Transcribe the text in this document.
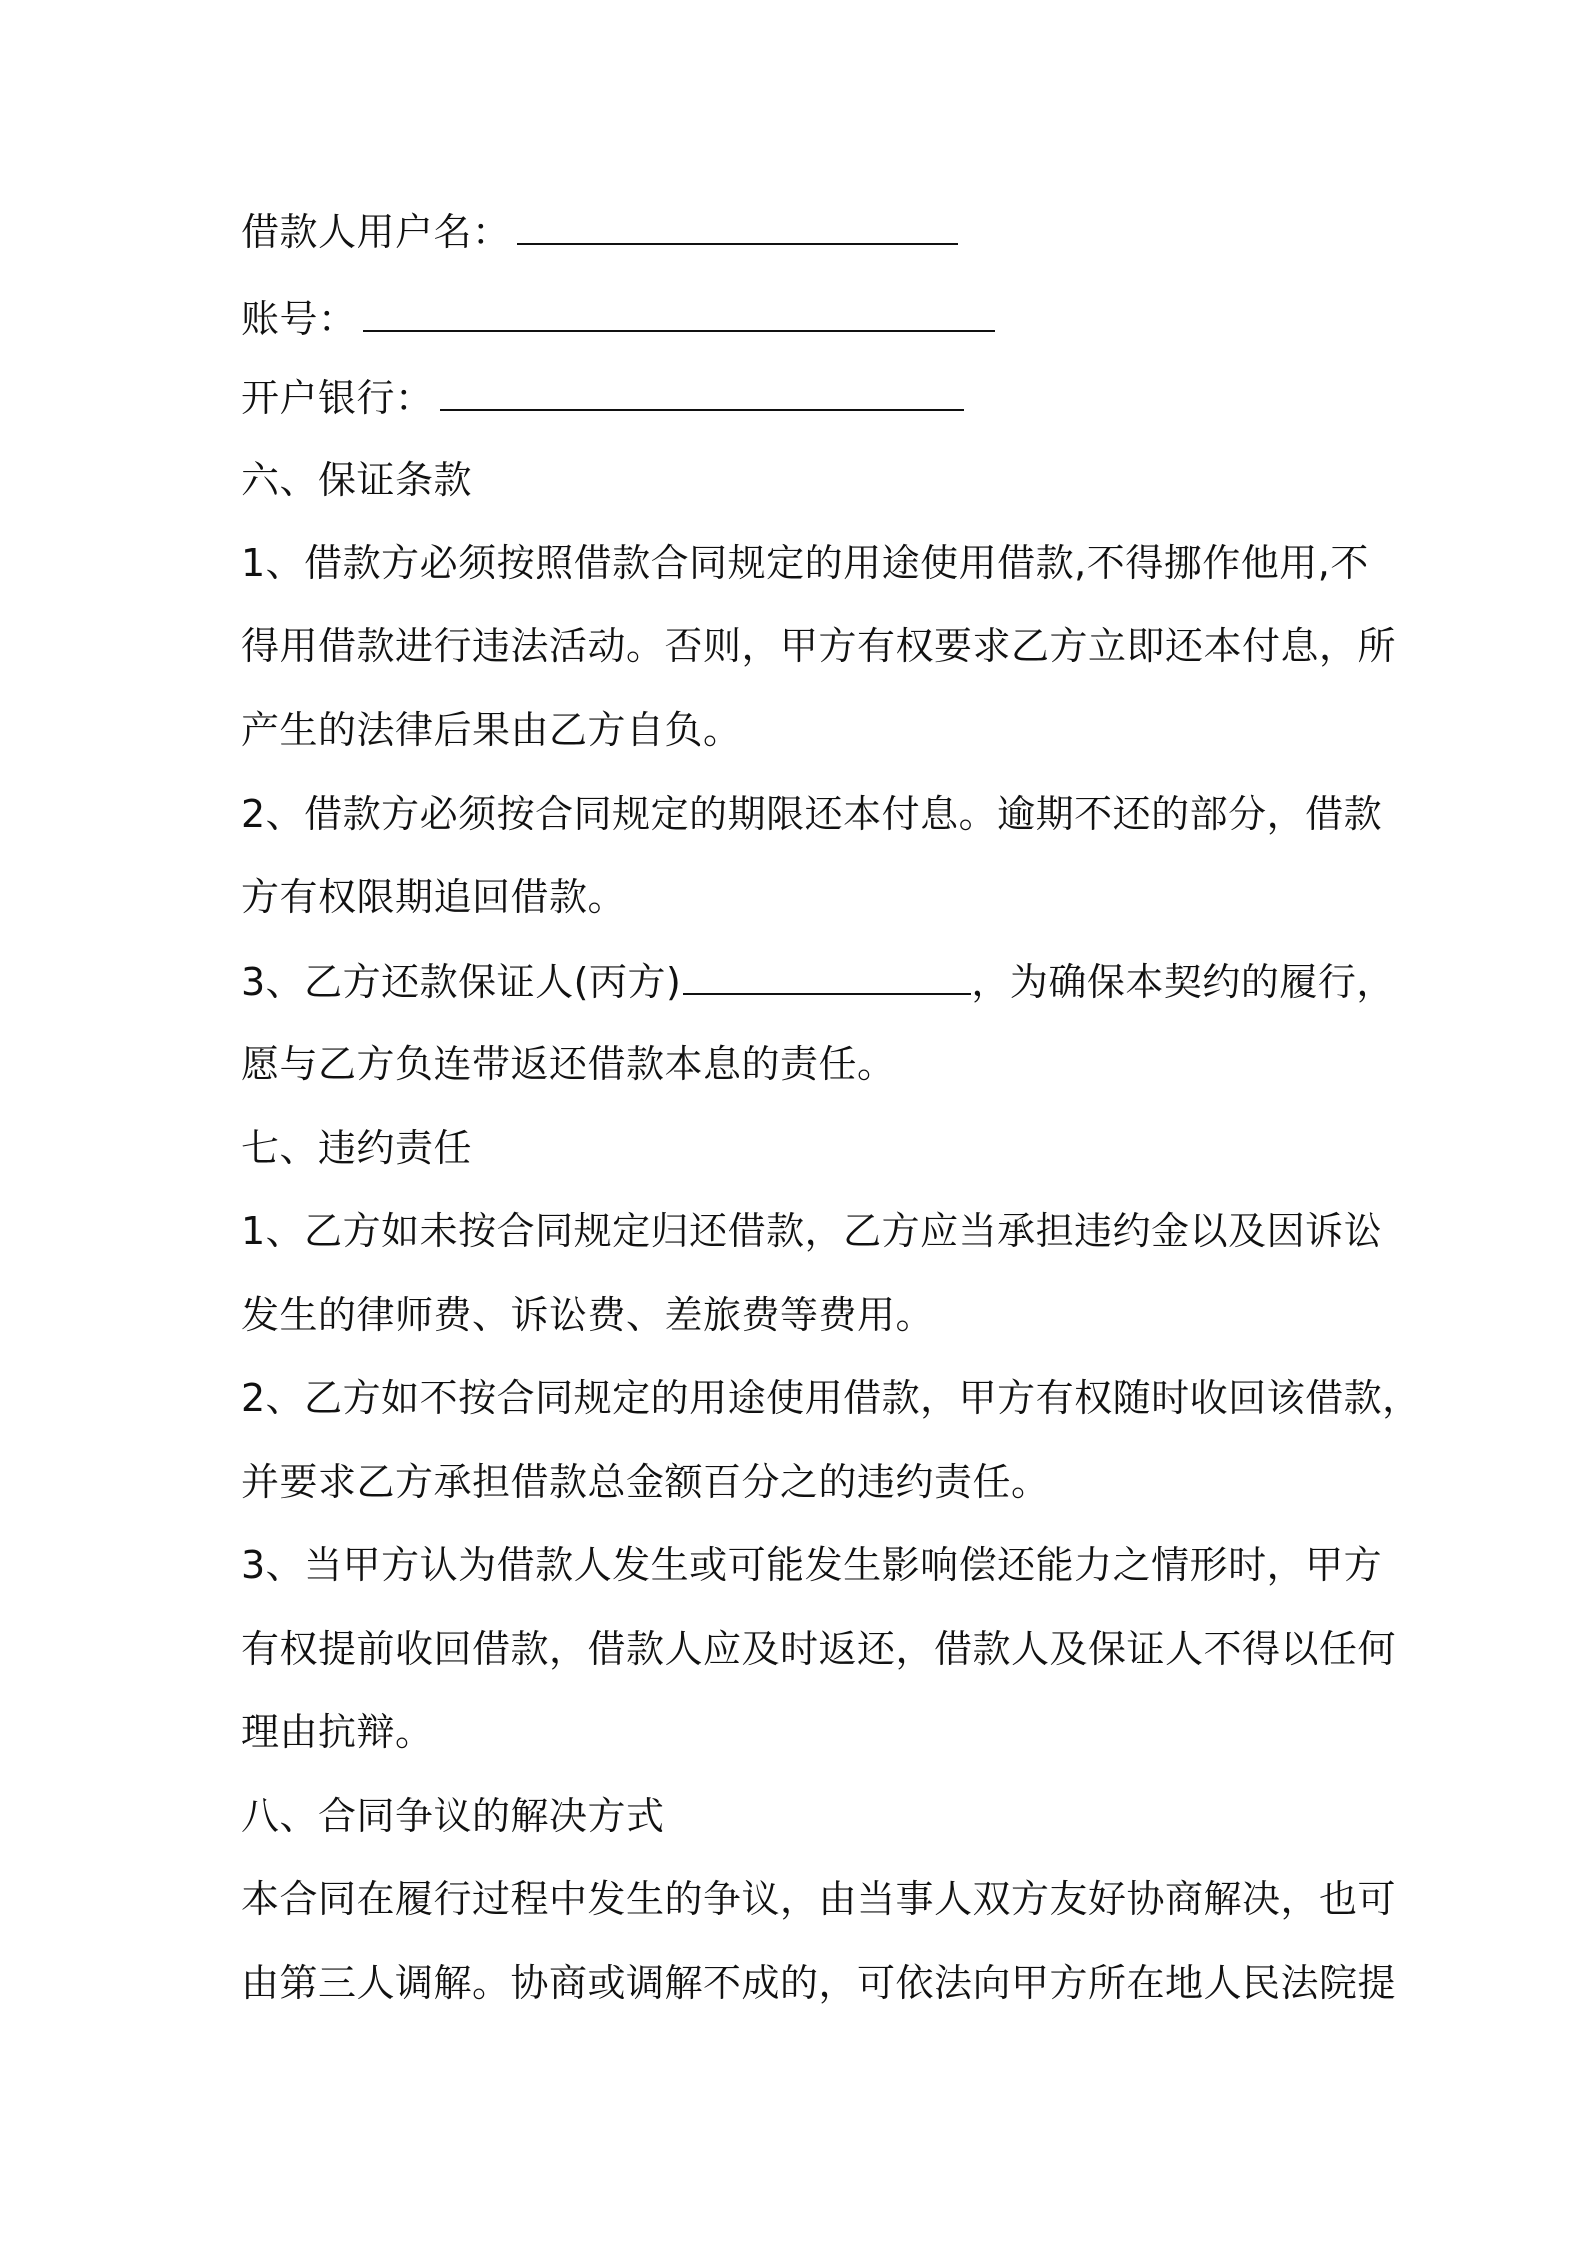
借款人用户名：
账号：
开户银行：
六、保证条款
1、借款方必须按照借款合同规定的用途使用借款,不得挪作他用,不
得用借款进行违法活动。否则，甲方有权要求乙方立即还本付息，所
产生的法律后果由乙方自负。
2、借款方必须按合同规定的期限还本付息。逾期不还的部分，借款
方有权限期追回借款。
3、乙方还款保证人(丙方)	，为确保本契约的履行，
愿与乙方负连带返还借款本息的责任。
七、违约责任
1、乙方如未按合同规定归还借款，乙方应当承担违约金以及因诉讼
发生的律师费、诉讼费、差旅费等费用。
2、乙方如不按合同规定的用途使用借款，甲方有权随时收回该借款，
并要求乙方承担借款总金额百分之的违约责任。
3、当甲方认为借款人发生或可能发生影响偿还能力之情形时，甲方
有权提前收回借款，借款人应及时返还，借款人及保证人不得以任何
理由抗辩。
八、合同争议的解决方式
本合同在履行过程中发生的争议，由当事人双方友好协商解决，也可
由第三人调解。协商或调解不成的，可依法向甲方所在地人民法院提
